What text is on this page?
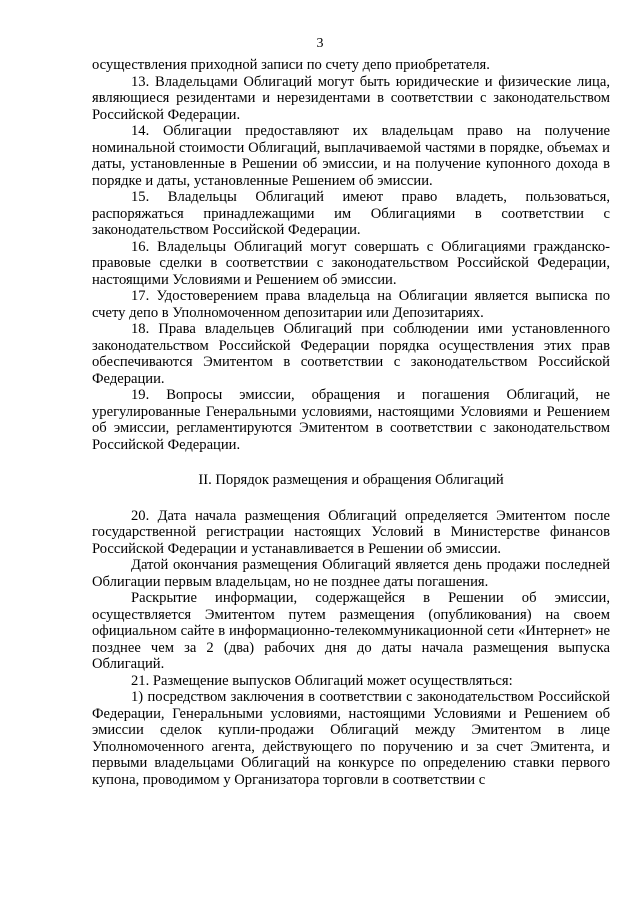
3

осуществления приходной записи по счету депо приобретателя.

13. Владельцами Облигаций могут быть юридические и физические лица, являющиеся резидентами и нерезидентами в соответствии с законодательством Российской Федерации.

14. Облигации предоставляют их владельцам право на получение номинальной стоимости Облигаций, выплачиваемой частями в порядке, объемах и даты, установленные в Решении об эмиссии, и на получение купонного дохода в порядке и даты, установленные Решением об эмиссии.

15. Владельцы Облигаций имеют право владеть, пользоваться, распоряжаться принадлежащими им Облигациями в соответствии с законодательством Российской Федерации.

16. Владельцы Облигаций могут совершать с Облигациями гражданско-правовые сделки в соответствии с законодательством Российской Федерации, настоящими Условиями и Решением об эмиссии.

17. Удостоверением права владельца на Облигации является выписка по счету депо в Уполномоченном депозитарии или Депозитариях.

18. Права владельцев Облигаций при соблюдении ими установленного законодательством Российской Федерации порядка осуществления этих прав обеспечиваются Эмитентом в соответствии с законодательством Российской Федерации.

19. Вопросы эмиссии, обращения и погашения Облигаций, не урегулированные Генеральными условиями, настоящими Условиями и Решением об эмиссии, регламентируются Эмитентом в соответствии с законодательством Российской Федерации.

II. Порядок размещения и обращения Облигаций

20. Дата начала размещения Облигаций определяется Эмитентом после государственной регистрации настоящих Условий в Министерстве финансов Российской Федерации и устанавливается в Решении об эмиссии.

Датой окончания размещения Облигаций является день продажи последней Облигации первым владельцам, но не позднее даты погашения.

Раскрытие информации, содержащейся в Решении об эмиссии, осуществляется Эмитентом путем размещения (опубликования) на своем официальном сайте в информационно-телекоммуникационной сети «Интернет» не позднее чем за 2 (два) рабочих дня до даты начала размещения выпуска Облигаций.

21. Размещение выпусков Облигаций может осуществляться:

1) посредством заключения в соответствии с законодательством Российской Федерации, Генеральными условиями, настоящими Условиями и Решением об эмиссии сделок купли-продажи Облигаций между Эмитентом в лице Уполномоченного агента, действующего по поручению и за счет Эмитента, и первыми владельцами Облигаций на конкурсе по определению ставки первого купона, проводимом у Организатора торговли в соответствии с
